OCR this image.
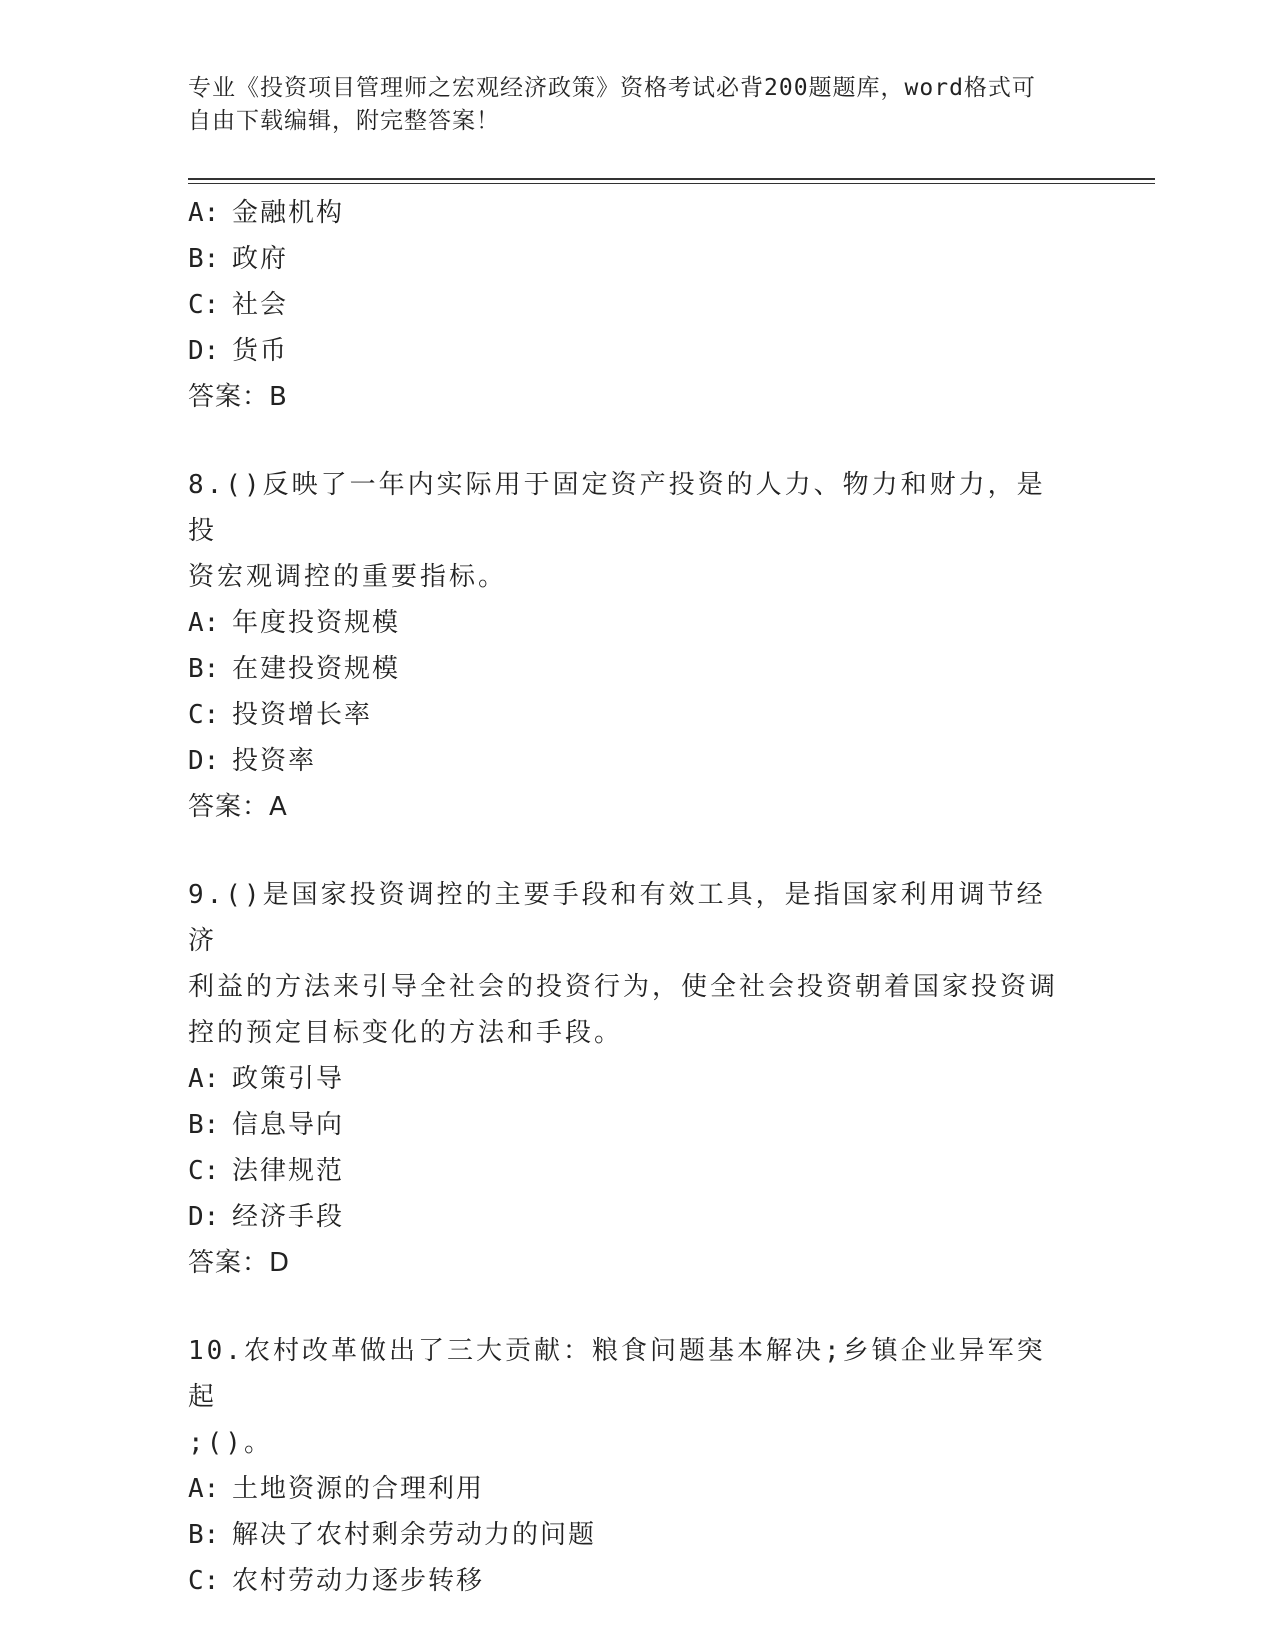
专业《投资项目管理师之宏观经济政策》资格考试必背200题题库，word格式可
自由下载编辑，附完整答案！
A: 金融机构
B: 政府
C: 社会
D: 货币
答案：B
8.()反映了一年内实际用于固定资产投资的人力、物力和财力，是投
资宏观调控的重要指标。
A: 年度投资规模
B: 在建投资规模
C: 投资增长率
D: 投资率
答案：A
9.()是国家投资调控的主要手段和有效工具，是指国家利用调节经济
利益的方法来引导全社会的投资行为，使全社会投资朝着国家投资调
控的预定目标变化的方法和手段。
A: 政策引导
B: 信息导向
C: 法律规范
D: 经济手段
答案：D
10.农村改革做出了三大贡献：粮食问题基本解决;乡镇企业异军突起
;()。
A: 土地资源的合理利用
B: 解决了农村剩余劳动力的问题
C: 农村劳动力逐步转移
